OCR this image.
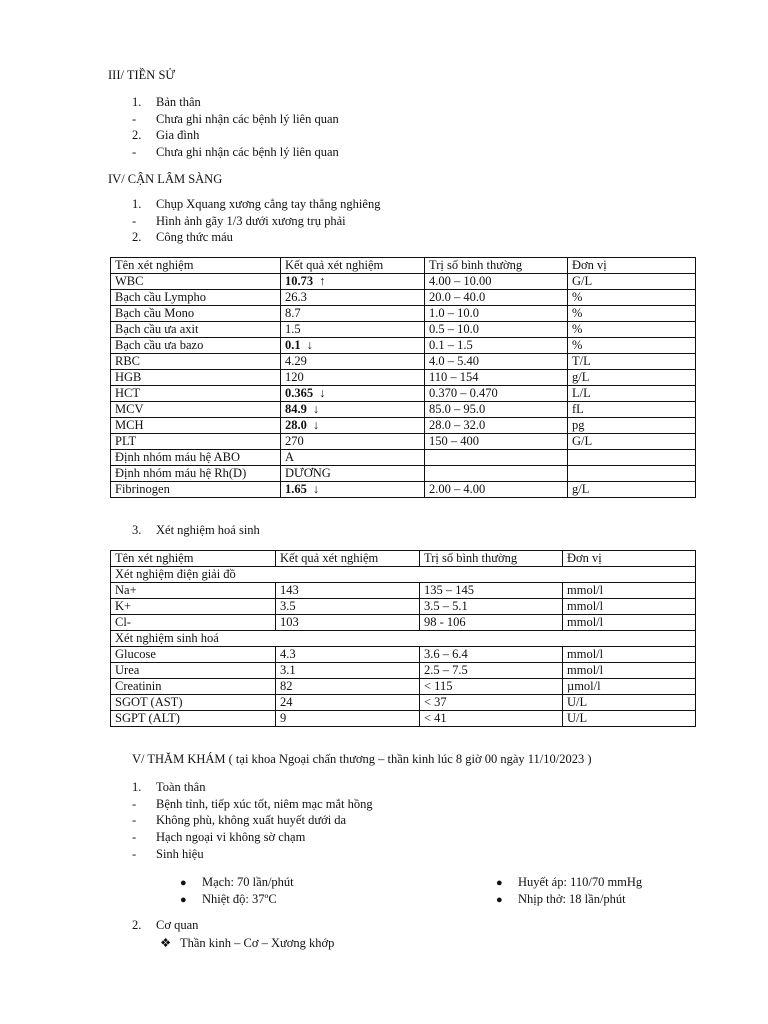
III/ TIỀN SỬ
1. Bản thân
- Chưa ghi nhận các bệnh lý liên quan
2. Gia đình
- Chưa ghi nhận các bệnh lý liên quan
IV/ CẬN LÂM SÀNG
1. Chụp Xquang xương cẳng tay thẳng nghiêng
- Hình ảnh gãy 1/3 dưới xương trụ phải
2. Công thức máu
Tên xét nghiệm	Kết quả xét nghiệm	Trị số bình thường	Đơn vị
WBC	10.73 ↑	4.00 – 10.00	G/L
Bạch cầu Lympho	26.3	20.0 – 40.0	%
Bạch cầu Mono	8.7	1.0 – 10.0	%
Bạch cầu ưa axit	1.5	0.5 – 10.0	%
Bạch cầu ưa bazo	0.1 ↓	0.1 – 1.5	%
RBC	4.29	4.0 – 5.40	T/L
HGB	120	110 – 154	g/L
HCT	0.365 ↓	0.370 – 0.470	L/L
MCV	84.9 ↓	85.0 – 95.0	fL
MCH	28.0 ↓	28.0 – 32.0	pg
PLT	270	150 – 400	G/L
Định nhóm máu hệ ABO	A		
Định nhóm máu hệ Rh(D)	DƯƠNG		
Fibrinogen	1.65 ↓	2.00 – 4.00	g/L
3. Xét nghiệm hoá sinh
Tên xét nghiệm	Kết quả xét nghiệm	Trị số bình thường	Đơn vị
Xét nghiệm điện giải đồ			
Na+	143	135 – 145	mmol/l
K+	3.5	3.5 – 5.1	mmol/l
Cl-	103	98 - 106	mmol/l
Xét nghiệm sinh hoá			
Glucose	4.3	3.6 – 6.4	mmol/l
Urea	3.1	2.5 – 7.5	mmol/l
Creatinin	82	< 115	µmol/l
SGOT (AST)	24	< 37	U/L
SGPT (ALT)	9	< 41	U/L
V/ THĂM KHÁM ( tại khoa Ngoại chấn thương – thần kinh lúc 8 giờ 00 ngày 11/10/2023 )
1. Toàn thân
- Bệnh tỉnh, tiếp xúc tốt, niêm mạc mắt hồng
- Không phù, không xuất huyết dưới da
- Hạch ngoại vi không sờ chạm
- Sinh hiệu
● Mạch: 70 lần/phút
● Nhiệt độ: 37ºC
● Huyết áp: 110/70 mmHg
● Nhịp thở: 18 lần/phút
2. Cơ quan
❖ Thần kinh – Cơ – Xương khớp
